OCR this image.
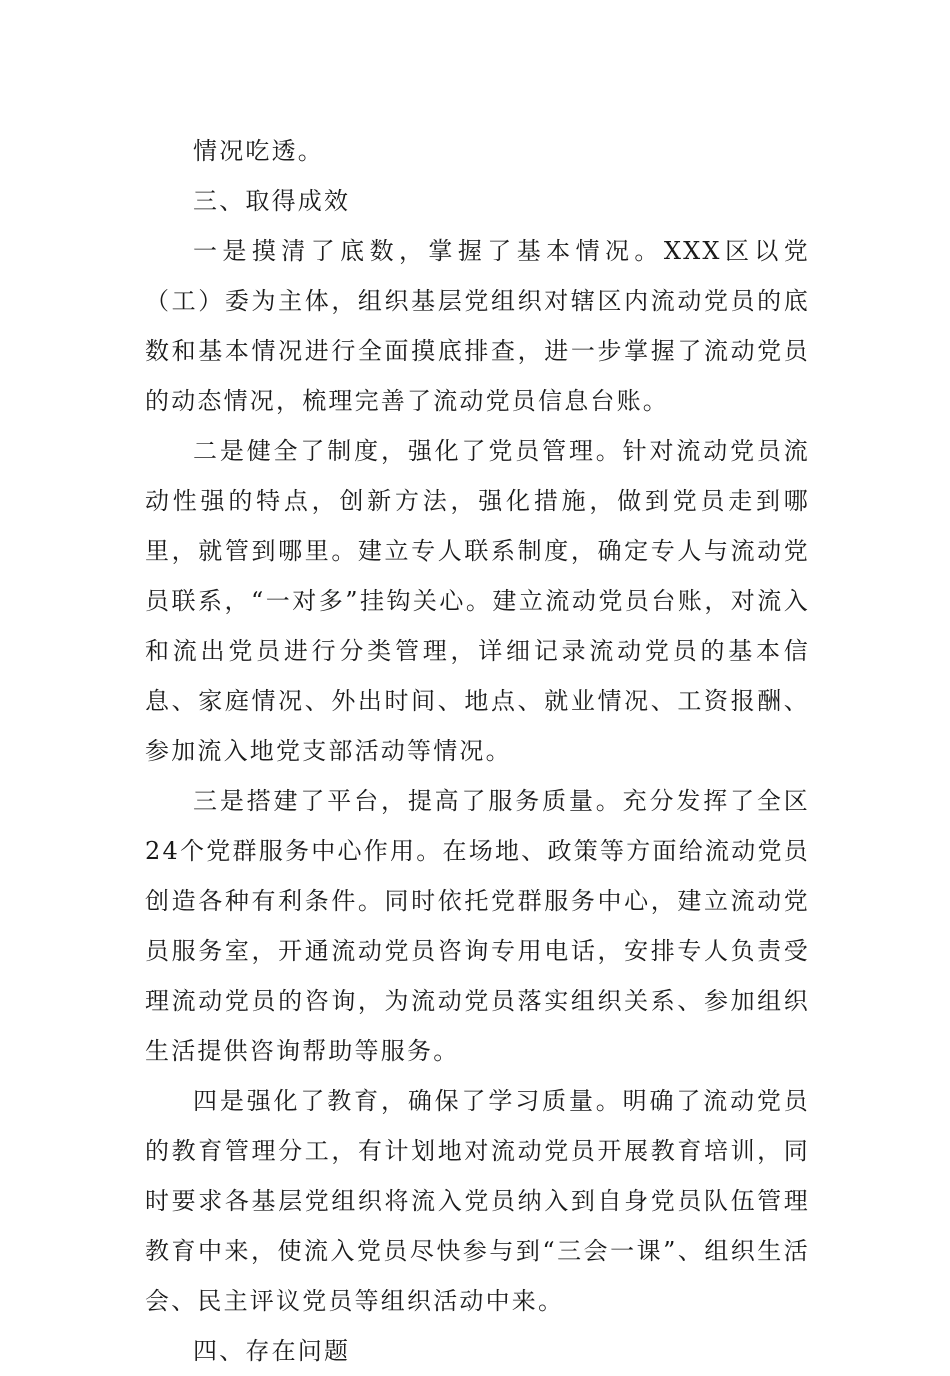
情况吃透。

三、取得成效

一是摸清了底数，掌握了基本情况。XXX区以党（工）委为主体，组织基层党组织对辖区内流动党员的底数和基本情况进行全面摸底排查，进一步掌握了流动党员的动态情况，梳理完善了流动党员信息台账。

二是健全了制度，强化了党员管理。针对流动党员流动性强的特点，创新方法，强化措施，做到党员走到哪里，就管到哪里。建立专人联系制度，确定专人与流动党员联系，“一对多”挂钩关心。建立流动党员台账，对流入和流出党员进行分类管理，详细记录流动党员的基本信息、家庭情况、外出时间、地点、就业情况、工资报酬、参加流入地党支部活动等情况。

三是搭建了平台，提高了服务质量。充分发挥了全区24个党群服务中心作用。在场地、政策等方面给流动党员创造各种有利条件。同时依托党群服务中心，建立流动党员服务室，开通流动党员咨询专用电话，安排专人负责受理流动党员的咨询，为流动党员落实组织关系、参加组织生活提供咨询帮助等服务。

四是强化了教育，确保了学习质量。明确了流动党员的教育管理分工，有计划地对流动党员开展教育培训，同时要求各基层党组织将流入党员纳入到自身党员队伍管理教育中来，使流入党员尽快参与到“三会一课”、组织生活会、民主评议党员等组织活动中来。

四、存在问题
